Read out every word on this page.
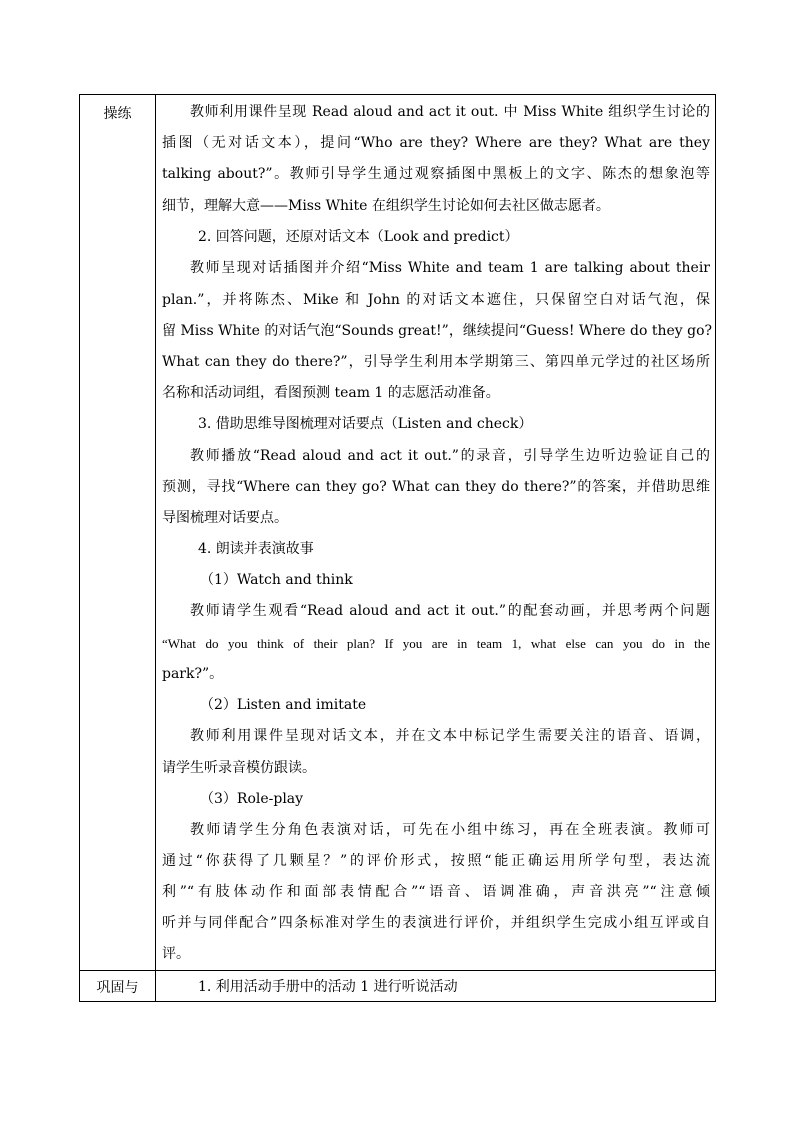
操练	教师利用课件呈现 Read aloud and act it out. 中 Miss White 组织学生讨论的
插图（无对话文本），提问“Who are they? Where are they? What are they
talking about?”。教师引导学生通过观察插图中黑板上的文字、陈杰的想象泡等
细节，理解大意——Miss White 在组织学生讨论如何去社区做志愿者。
2. 回答问题，还原对话文本（Look and predict）
教师呈现对话插图并介绍“Miss White and team 1 are talking about their
plan.”，并将陈杰、Mike 和 John 的对话文本遮住，只保留空白对话气泡，保
留 Miss White 的对话气泡“Sounds great!”，继续提问“Guess! Where do they go?
What can they do there?”，引导学生利用本学期第三、第四单元学过的社区场所
名称和活动词组，看图预测 team 1 的志愿活动准备。
3. 借助思维导图梳理对话要点（Listen and check）
教师播放“Read aloud and act it out.”的录音，引导学生边听边验证自己的
预测，寻找“Where can they go? What can they do there?”的答案，并借助思维
导图梳理对话要点。
4. 朗读并表演故事
（1）Watch and think
教师请学生观看“Read aloud and act it out.”的配套动画，并思考两个问题
“What do you think of their plan? If you are in team 1, what else can you do in the
park?”。
（2）Listen and imitate
教师利用课件呈现对话文本，并在文本中标记学生需要关注的语音、语调，
请学生听录音模仿跟读。
（3）Role-play
教师请学生分角色表演对话，可先在小组中练习，再在全班表演。教师可
通过“你获得了几颗星？”的评价形式，按照“能正确运用所学句型，表达流
利”“有肢体动作和面部表情配合”“语音、语调准确，声音洪亮”“注意倾
听并与同伴配合”四条标准对学生的表演进行评价，并组织学生完成小组互评或自
评。
巩固与	1. 利用活动手册中的活动 1 进行听说活动
